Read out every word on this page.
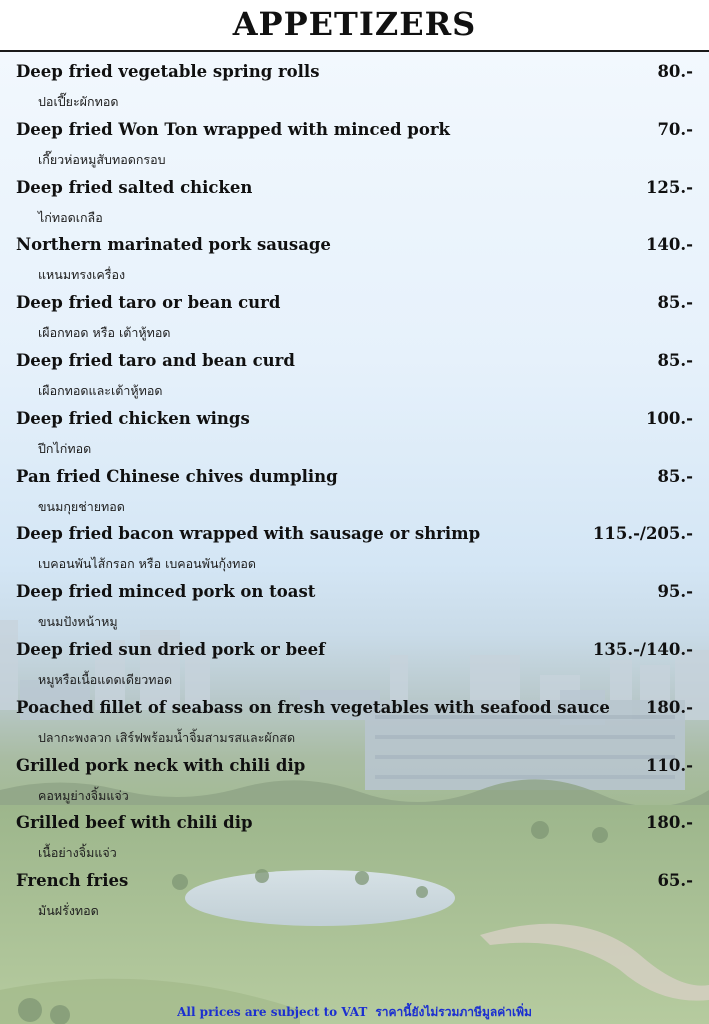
APPETIZERS
Deep fried vegetable spring rolls	80.-
ปอเปี๊ยะผักทอด
Deep fried Won Ton wrapped with minced pork	70.-
เกี๊ยวห่อหมูสับทอดกรอบ
Deep fried salted chicken	125.-
ไก่ทอดเกลือ
Northern marinated pork sausage	140.-
แหนมทรงเครื่อง
Deep fried taro or bean curd	85.-
เผือกทอด หรือ เต้าหู้ทอด
Deep fried taro and bean curd	85.-
เผือกทอดและเต้าหู้ทอด
Deep fried chicken wings	100.-
ปีกไก่ทอด
Pan fried Chinese chives dumpling	85.-
ขนมกุยช่ายทอด
Deep fried bacon wrapped with sausage or shrimp	115.-/205.-
เบคอนพันไส้กรอก หรือ เบคอนพันกุ้งทอด
Deep fried minced pork on toast	95.-
ขนมปังหน้าหมู
Deep fried sun dried pork or beef	135.-/140.-
หมูหรือเนื้อแดดเดียวทอด
Poached fillet of seabass on fresh vegetables with seafood sauce 180.-
ปลากะพงลวก เสิร์ฟพร้อมน้ำจิ้มสามรสและผักสด
Grilled pork neck with chili dip	110.-
คอหมูย่างจิ้มแจ่ว
Grilled beef with chili dip	180.-
เนื้อย่างจิ้มแจ่ว
French fries	65.-
มันฝรั่งทอด
All prices are subject to VAT ราคานี้ยังไม่รวมภาษีมูลค่าเพิ่ม
